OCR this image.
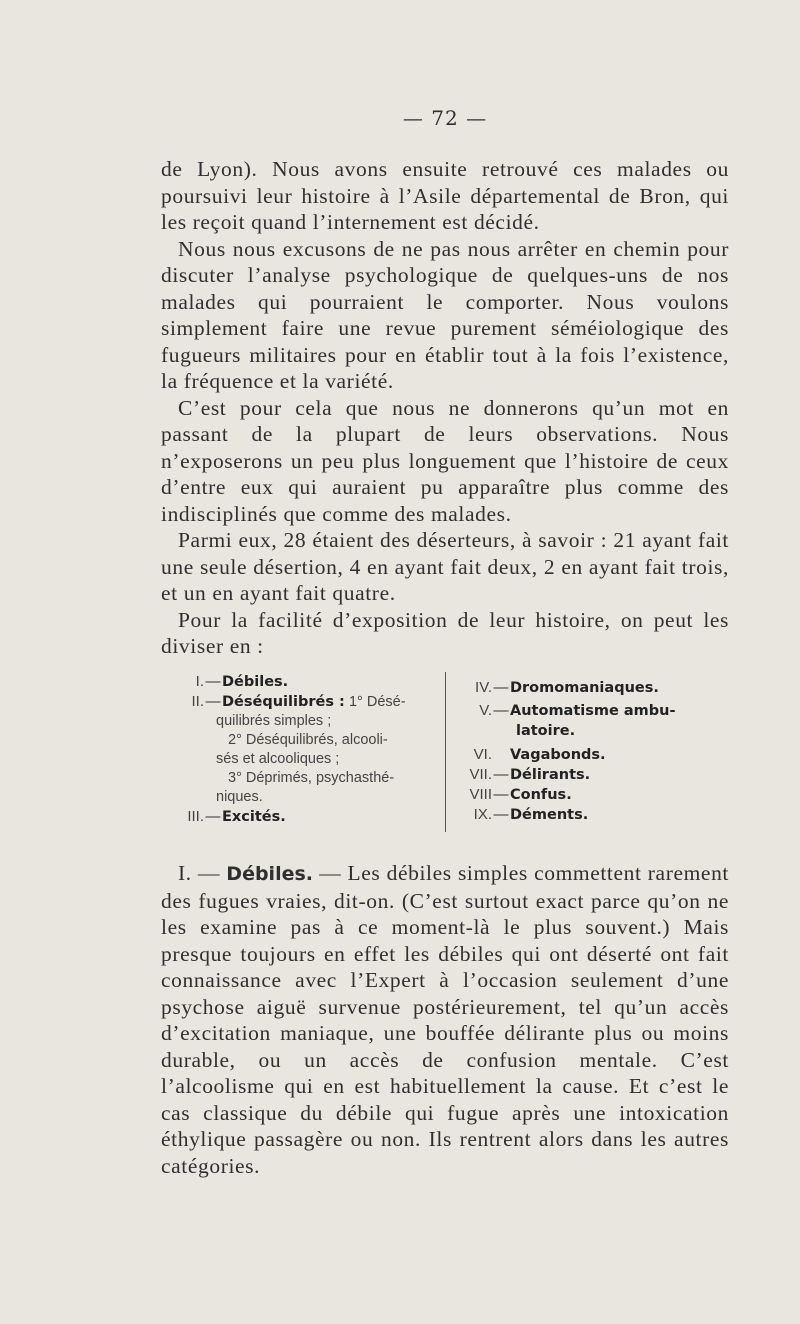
— 72 —

de Lyon). Nous avons ensuite retrouvé ces malades ou poursuivi leur histoire à l’Asile départemental de Bron, qui les reçoit quand l’internement est décidé.

Nous nous excusons de ne pas nous arrêter en chemin pour discuter l’analyse psychologique de quelques-uns de nos malades qui pourraient le comporter. Nous voulons simplement faire une revue purement séméiologique des fugueurs militaires pour en établir tout à la fois l’existence, la fréquence et la variété.

C’est pour cela que nous ne donnerons qu’un mot en passant de la plupart de leurs observations. Nous n’exposerons un peu plus longuement que l’histoire de ceux d’entre eux qui auraient pu apparaître plus comme des indisciplinés que comme des malades.

Parmi eux, 28 étaient des déserteurs, à savoir : 21 ayant fait une seule désertion, 4 en ayant fait deux, 2 en ayant fait trois, et un en ayant fait quatre.

Pour la facilité d’exposition de leur histoire, on peut les diviser en :

I. — Débiles.
II. — Déséquilibrés : 1° Désé-
quilibrés simples ;
2° Déséquilibrés, alcooli-
sés et alcooliques ;
3° Déprimés, psychasthé-
niques.
III. — Excités.
IV. — Dromomaniaques.
V. — Automatisme ambu-
latoire.
VI. Vagabonds.
VII. — Délirants.
VIII — Confus.
IX. — Déments.

I. — Débiles. — Les débiles simples commettent rarement des fugues vraies, dit-on. (C’est surtout exact parce qu’on ne les examine pas à ce moment-là le plus souvent.) Mais presque toujours en effet les débiles qui ont déserté ont fait connaissance avec l’Expert à l’occasion seulement d’une psychose aiguë survenue postérieurement, tel qu’un accès d’excitation maniaque, une bouffée délirante plus ou moins durable, ou un accès de confusion mentale. C’est l’alcoolisme qui en est habituellement la cause. Et c’est le cas classique du débile qui fugue après une intoxication éthylique passagère ou non. Ils rentrent alors dans les autres catégories.
